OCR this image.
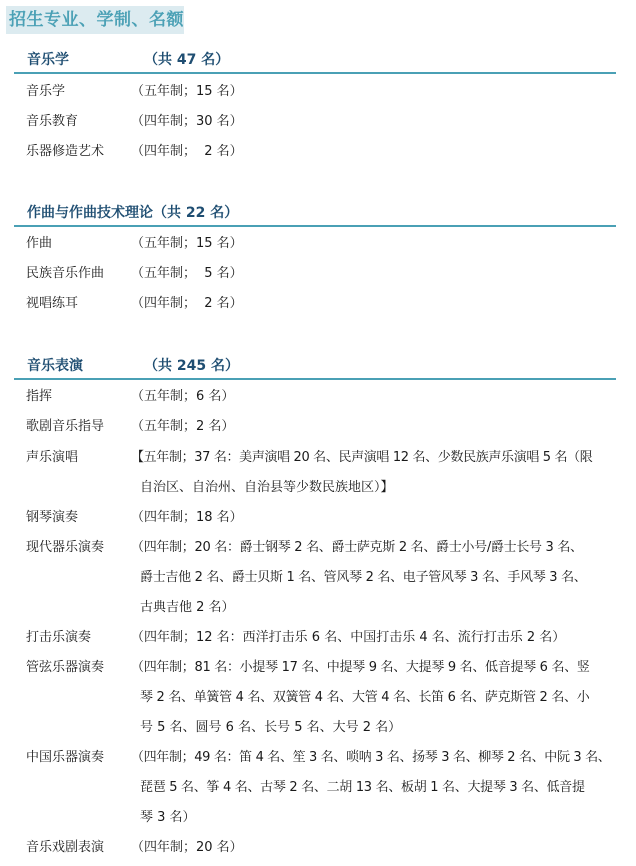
招生专业、学制、名额
音乐学	（共 47 名）
音乐学	（五年制；15 名）
音乐教育	（四年制；30 名）
乐器修造艺术 （四年制；  2 名）
作曲与作曲技术理论（共 22 名）
作曲	（五年制；15 名）
民族音乐作曲 （五年制；  5 名）
视唱练耳	（四年制；  2 名）
音乐表演	（共 245 名）
指挥	（五年制；6 名）
歌剧音乐指导 （五年制；2 名）
声乐演唱	【五年制；37 名：美声演唱 20 名、民声演唱 12 名、少数民族声乐演唱 5 名（限
自治区、自治州、自治县等少数民族地区）】
钢琴演奏	（四年制；18 名）
现代器乐演奏 （四年制；20 名：爵士钢琴 2 名、爵士萨克斯 2 名、爵士小号/爵士长号 3 名、
爵士吉他 2 名、爵士贝斯 1 名、管风琴 2 名、电子管风琴 3 名、手风琴 3 名、
古典吉他 2 名）
打击乐演奏	（四年制；12 名：西洋打击乐 6 名、中国打击乐 4 名、流行打击乐 2 名）
管弦乐器演奏 （四年制；81 名：小提琴 17 名、中提琴 9 名、大提琴 9 名、低音提琴 6 名、竖
琴 2 名、单簧管 4 名、双簧管 4 名、大管 4 名、长笛 6 名、萨克斯管 2 名、小
号 5 名、圆号 6 名、长号 5 名、大号 2 名）
中国乐器演奏 （四年制；49 名：笛 4 名、笙 3 名、唢呐 3 名、扬琴 3 名、柳琴 2 名、中阮 3 名、
琵琶 5 名、筝 4 名、古琴 2 名、二胡 13 名、板胡 1 名、大提琴 3 名、低音提
琴 3 名）
音乐戏剧表演 （四年制；20 名）
